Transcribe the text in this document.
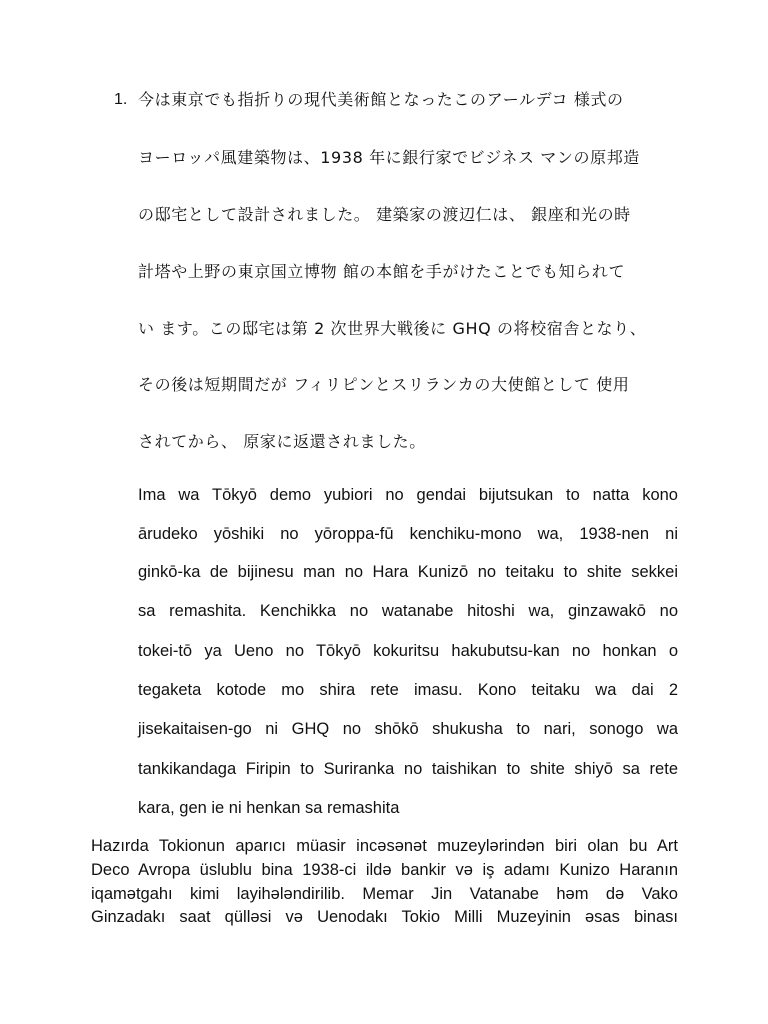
1. 今は東京でも指折りの現代美術館となったこのアールデコ 様式の
ヨーロッパ風建築物は、1938 年に銀行家でビジネス マンの原邦造
の邸宅として設計されました。 建築家の渡辺仁は、 銀座和光の時
計塔や上野の東京国立博物 館の本館を手がけたことでも知られて
い ます。この邸宅は第 2 次世界大戦後に GHQ の将校宿舎となり、
その後は短期間だが フィリピンとスリランカの大使館として 使用
されてから、 原家に返還されました。
Ima wa Tōkyō demo yubiori no gendai bijutsukan to natta kono
ārudeko yōshiki no yōroppa-fū kenchiku-mono wa, 1938-nen ni
ginkō-ka de bijinesu man no Hara Kunizō no teitaku to shite sekkei
sa remashita. Kenchikka no watanabe hitoshi wa, ginzawakō no
tokei-tō ya Ueno no Tōkyō kokuritsu hakubutsu-kan no honkan o
tegaketa kotode mo shira rete imasu. Kono teitaku wa dai 2
jisekaitaisen-go ni GHQ no shōkō shukusha to nari, sonogo wa
tankikandaga Firipin to Suriranka no taishikan to shite shiyō sa rete
kara, gen ie ni henkan sa remashita
Hazırda Tokionun aparıcı müasir incəsənət muzeylərindən biri olan bu Art
Deco Avropa üslublu bina 1938-ci ildə bankir və iş adamı Kunizo Haranın
iqamətgahı kimi layihələndirilib. Memar Jin Vatanabe həm də Vako
Ginzadakı saat qülləsi və Uenodakı Tokio Milli Muzeyinin əsas binası
